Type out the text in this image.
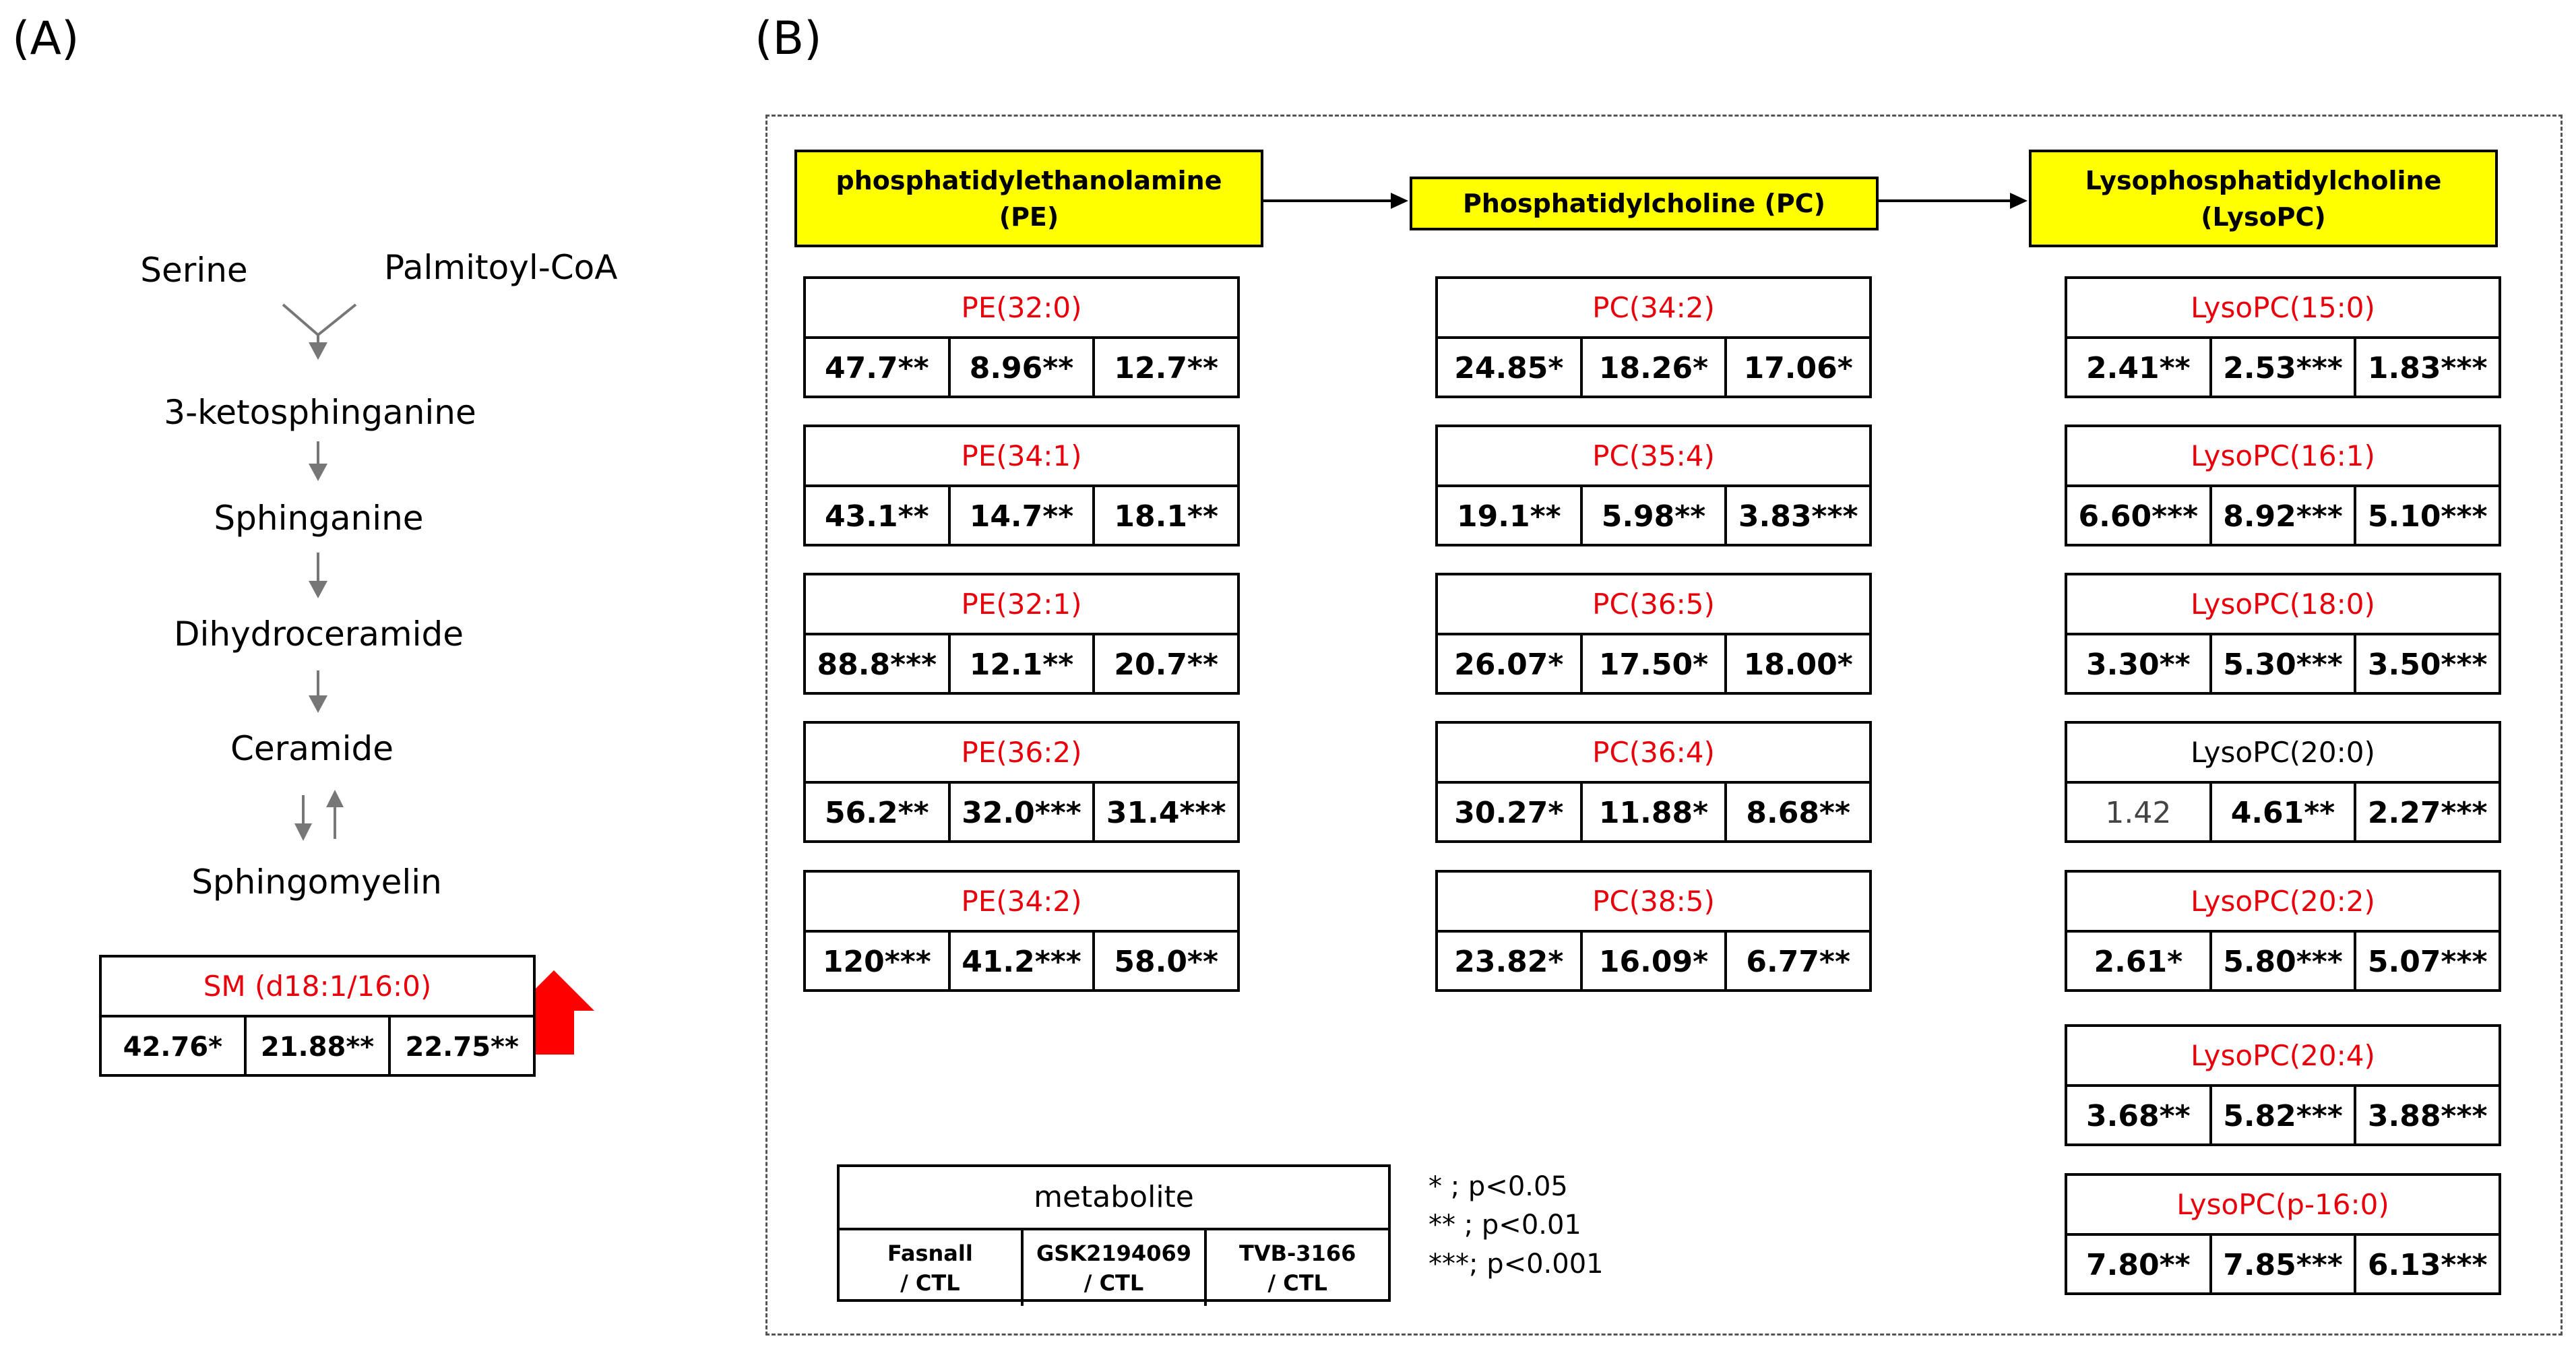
(A)	(B)
Serine	Palmitoyl-CoA
3-ketosphinganine
Sphinganine
Dihydroceramide
Ceramide
Sphingomyelin
SM (d18:1/16:0)
42.76*	21.88**	22.75**
phosphatidylethanolamine
(PE)	Phosphatidylcholine (PC)
Lysophosphatidylcholine
(LysoPC)
PE(32:0)
47.7**	8.96**	12.7**
PE(34:1)
43.1**	14.7**	18.1**
PE(32:1)
88.8***	12.1**	20.7**
PE(36:2)
56.2**	32.0*** 31.4***
PE(34:2)
120***	41.2***	58.0**
PC(34:2)
24.85*	18.26*	17.06*
PC(35:4)
19.1**	5.98**	3.83***
PC(36:5)
26.07*	17.50*	18.00*
PC(36:4)
30.27*	11.88*	8.68**
PC(38:5)
23.82*	16.09*	6.77**
LysoPC(15:0)
2.41**	2.53*** 1.83***
LysoPC(16:1)
6.60*** 8.92*** 5.10***
LysoPC(18:0)
3.30**	5.30*** 3.50***
LysoPC(20:0)
1.42	4.61**	2.27***
LysoPC(20:2)
2.61*	5.80*** 5.07***
LysoPC(20:4)
3.68**	5.82*** 3.88***
LysoPC(p-16:0)
7.80**	7.85*** 6.13***
metabolite
Fasnall
/ CTL
GSK2194069
/ CTL
TVB-3166
/ CTL
* ; p<0.05
** ; p<0.01
***; p<0.001
